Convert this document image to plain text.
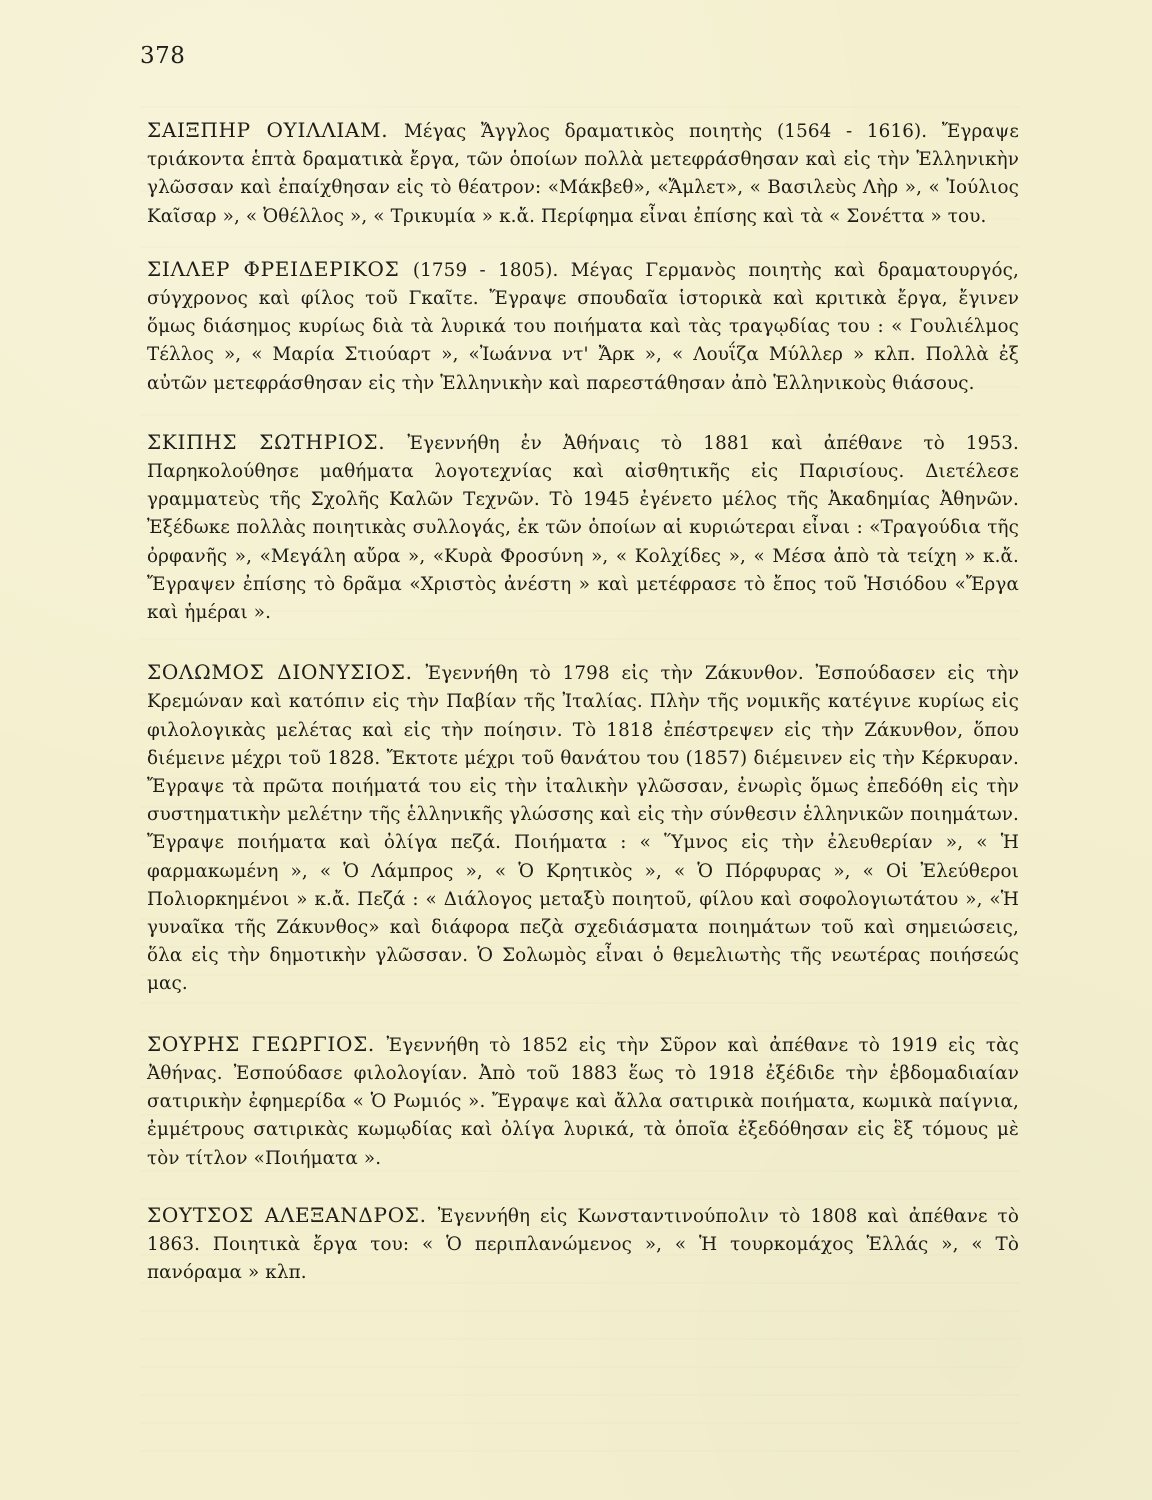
378

ΣΑΙΞΠΗΡ ΟΥΙΛΛΙΑΜ. Μέγας Ἄγγλος δραματικὸς ποιητὴς (1564 - 1616). Ἔγραψε τριάκοντα ἑπτὰ δραματικὰ ἔργα, τῶν ὁποίων πολλὰ μετεφράσθησαν καὶ εἰς τὴν Ἑλληνικὴν γλῶσσαν καὶ ἐπαίχθησαν εἰς τὸ θέατρον: «Μάκβεθ», «Ἄμλετ», « Βασιλεὺς Λὴρ », « Ἰούλιος Καῖσαρ », « Ὀθέλλος », « Τρικυμία » κ.ἄ. Περίφημα εἶναι ἐπίσης καὶ τὰ « Σονέττα » του.

ΣΙΛΛΕΡ ΦΡΕΙΔΕΡΙΚΟΣ (1759 - 1805). Μέγας Γερμανὸς ποιητὴς καὶ δραματουργός, σύγχρονος καὶ φίλος τοῦ Γκαῖτε. Ἔγραψε σπουδαῖα ἱστορικὰ καὶ κριτικὰ ἔργα, ἔγινεν ὅμως διάσημος κυρίως διὰ τὰ λυρικά του ποιήματα καὶ τὰς τραγῳδίας του : « Γουλιέλμος Τέλλος », « Μαρία Στιούαρτ », «Ἰωάννα ντ' Ἄρκ », « Λουΐζα Μύλλερ » κλπ. Πολλὰ ἐξ αὐτῶν μετεφράσθησαν εἰς τὴν Ἑλληνικὴν καὶ παρεστάθησαν ἀπὸ Ἑλληνικοὺς θιάσους.

ΣΚΙΠΗΣ ΣΩΤΗΡΙΟΣ. Ἐγεννήθη ἐν Ἀθήναις τὸ 1881 καὶ ἀπέθανε τὸ 1953. Παρηκολούθησε μαθήματα λογοτεχνίας καὶ αἰσθητικῆς εἰς Παρισίους. Διετέλεσε γραμματεὺς τῆς Σχολῆς Καλῶν Τεχνῶν. Τὸ 1945 ἐγένετο μέλος τῆς Ἀκαδημίας Ἀθηνῶν. Ἐξέδωκε πολλὰς ποιητικὰς συλλογάς, ἐκ τῶν ὁποίων αἱ κυριώτεραι εἶναι : «Τραγούδια τῆς ὀρφανῆς », «Μεγάλη αὔρα », «Κυρὰ Φροσύνη », « Κολχίδες », « Μέσα ἀπὸ τὰ τείχη » κ.ἄ. Ἔγραψεν ἐπίσης τὸ δρᾶμα «Χριστὸς ἀνέστη » καὶ μετέφρασε τὸ ἔπος τοῦ Ἡσιόδου «Ἔργα καὶ ἡμέραι ».

ΣΟΛΩΜΟΣ ΔΙΟΝΥΣΙΟΣ. Ἐγεννήθη τὸ 1798 εἰς τὴν Ζάκυνθον. Ἐσπούδασεν εἰς τὴν Κρεμώναν καὶ κατόπιν εἰς τὴν Παβίαν τῆς Ἰταλίας. Πλὴν τῆς νομικῆς κατέγινε κυρίως εἰς φιλολογικὰς μελέτας καὶ εἰς τὴν ποίησιν. Τὸ 1818 ἐπέστρεψεν εἰς τὴν Ζάκυνθον, ὅπου διέμεινε μέχρι τοῦ 1828. Ἔκτοτε μέχρι τοῦ θανάτου του (1857) διέμεινεν εἰς τὴν Κέρκυραν. Ἔγραψε τὰ πρῶτα ποιήματά του εἰς τὴν ἰταλικὴν γλῶσσαν, ἐνωρὶς ὅμως ἐπεδόθη εἰς τὴν συστηματικὴν μελέτην τῆς ἑλληνικῆς γλώσσης καὶ εἰς τὴν σύνθεσιν ἑλληνικῶν ποιημάτων. Ἔγραψε ποιήματα καὶ ὀλίγα πεζά. Ποιήματα : « Ὕμνος εἰς τὴν ἐλευθερίαν », « Ἡ φαρμακωμένη », « Ὁ Λάμπρος », « Ὁ Κρητικὸς », « Ὁ Πόρφυρας », « Οἱ Ἐλεύθεροι Πολιορκημένοι » κ.ἄ. Πεζά : « Διάλογος μεταξὺ ποιητοῦ, φίλου καὶ σοφολογιωτάτου », «Ἡ γυναῖκα τῆς Ζάκυνθος» καὶ διάφορα πεζὰ σχεδιάσματα ποιημάτων τοῦ καὶ σημειώσεις, ὅλα εἰς τὴν δημοτικὴν γλῶσσαν. Ὁ Σολωμὸς εἶναι ὁ θεμελιωτὴς τῆς νεωτέρας ποιήσεώς μας.

ΣΟΥΡΗΣ ΓΕΩΡΓΙΟΣ. Ἐγεννήθη τὸ 1852 εἰς τὴν Σῦρον καὶ ἀπέθανε τὸ 1919 εἰς τὰς Ἀθήνας. Ἐσπούδασε φιλολογίαν. Ἀπὸ τοῦ 1883 ἕως τὸ 1918 ἐξέδιδε τὴν ἑβδομαδιαίαν σατιρικὴν ἐφημερίδα « Ὁ Ρωμιός ». Ἔγραψε καὶ ἄλλα σατιρικὰ ποιήματα, κωμικὰ παίγνια, ἐμμέτρους σατιρικὰς κωμῳδίας καὶ ὀλίγα λυρικά, τὰ ὁποῖα ἐξεδόθησαν εἰς ἓξ τόμους μὲ τὸν τίτλον «Ποιήματα ».

ΣΟΥΤΣΟΣ ΑΛΕΞΑΝΔΡΟΣ. Ἐγεννήθη εἰς Κωνσταντινούπολιν τὸ 1808 καὶ ἀπέθανε τὸ 1863. Ποιητικὰ ἔργα του: « Ὁ περιπλανώμενος », « Ἡ τουρκομάχος Ἑλλάς », « Τὸ πανόραμα » κλπ.
